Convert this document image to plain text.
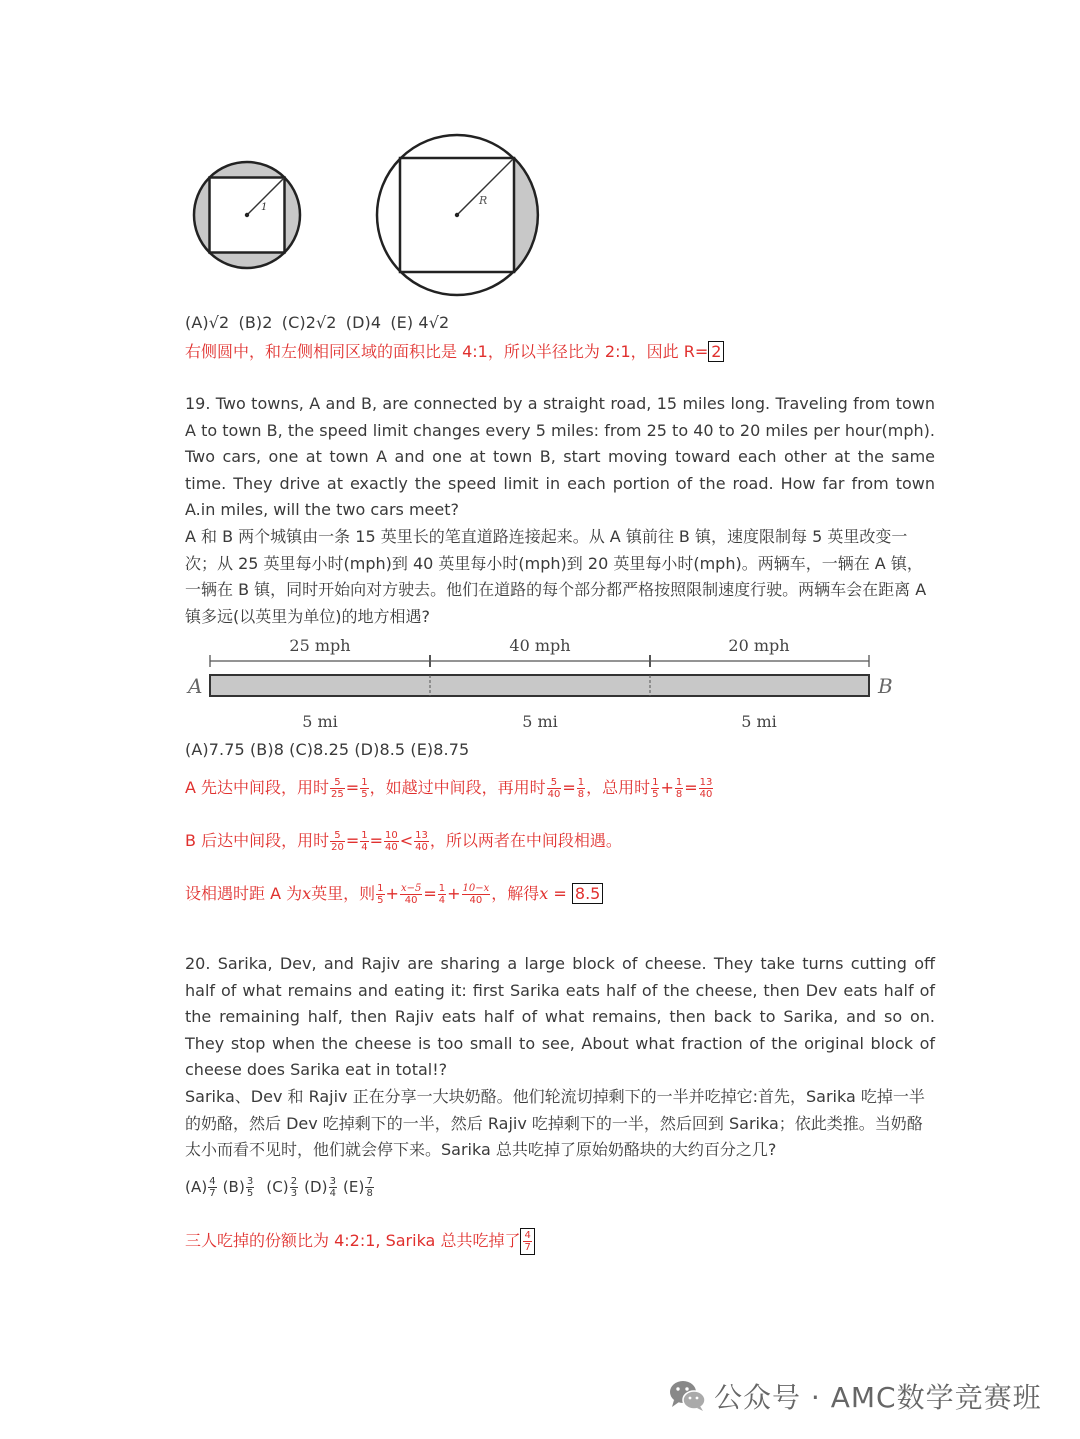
1
R
(A)√2 (B)2 (C)2√2 (D)4 (E) 4√2
右侧圆中，和左侧相同区域的面积比是 4:1，所以半径比为 2:1，因此 R= 2
19. Two towns, A and B, are connected by a straight road, 15 miles long. Traveling from town A to town B, the speed limit changes every 5 miles: from 25 to 40 to 20 miles per hour(mph). Two cars, one at town A and one at town B, start moving toward each other at the same time. They drive at exactly the speed limit in each portion of the road. How far from town A.in miles, will the two cars meet?
A 和 B 两个城镇由一条 15 英里长的笔直道路连接起来。从 A 镇前往 B 镇，速度限制每 5 英里改变一次；从 25 英里每小时(mph)到 40 英里每小时(mph)到 20 英里每小时(mph)。两辆车，一辆在 A 镇，一辆在 B 镇，同时开始向对方驶去。他们在道路的每个部分都严格按照限制速度行驶。两辆车会在距离 A 镇多远(以英里为单位)的地方相遇?
25 mph	40 mph	20 mph
A	B
5 mi	5 mi	5 mi
(A)7.75 (B)8 (C)8.25 (D)8.5 (E)8.75
A 先达中间段，用时 $\frac{5}{25} = \frac{1}{5}$ ，如越过中间段，再用时 $\frac{5}{40} = \frac{1}{8}$ ，总用时 $\frac{1}{5} + \frac{1}{8} = \frac{13}{40}$
B 后达中间段，用时 $\frac{5}{20} = \frac{1}{4} = \frac{10}{40} < \frac{13}{40}$ ，所以两者在中间段相遇。
设相遇时距 A 为x英里，则 $\frac{1}{5} + \frac{x-5}{40} = \frac{1}{4} + \frac{10-x}{40}$ ，解得x = 8.5
20. Sarika, Dev, and Rajiv are sharing a large block of cheese. They take turns cutting off half of what remains and eating it: first Sarika eats half of the cheese, then Dev eats half of the remaining half, then Rajiv eats half of what remains, then back to Sarika, and so on. They stop when the cheese is too small to see, About what fraction of the original block of cheese does Sarika eat in total!?
Sarika、Dev 和 Rajiv 正在分享一大块奶酪。他们轮流切掉剩下的一半并吃掉它:首先，Sarika 吃掉一半的奶酪，然后 Dev 吃掉剩下的一半，然后 Rajiv 吃掉剩下的一半，然后回到 Sarika；依此类推。当奶酪太小而看不见时，他们就会停下来。Sarika 总共吃掉了原始奶酪块的大约百分之几?
$(A) \frac{4}{7} (B) \frac{3}{5} (C) \frac{2}{3} (D) \frac{3}{4} (E) \frac{7}{8}$
三人吃掉的份额比为 4:2:1, Sarika 总共吃掉了 $\frac{4}{7}$
公众号 · AMC数学竞赛班
